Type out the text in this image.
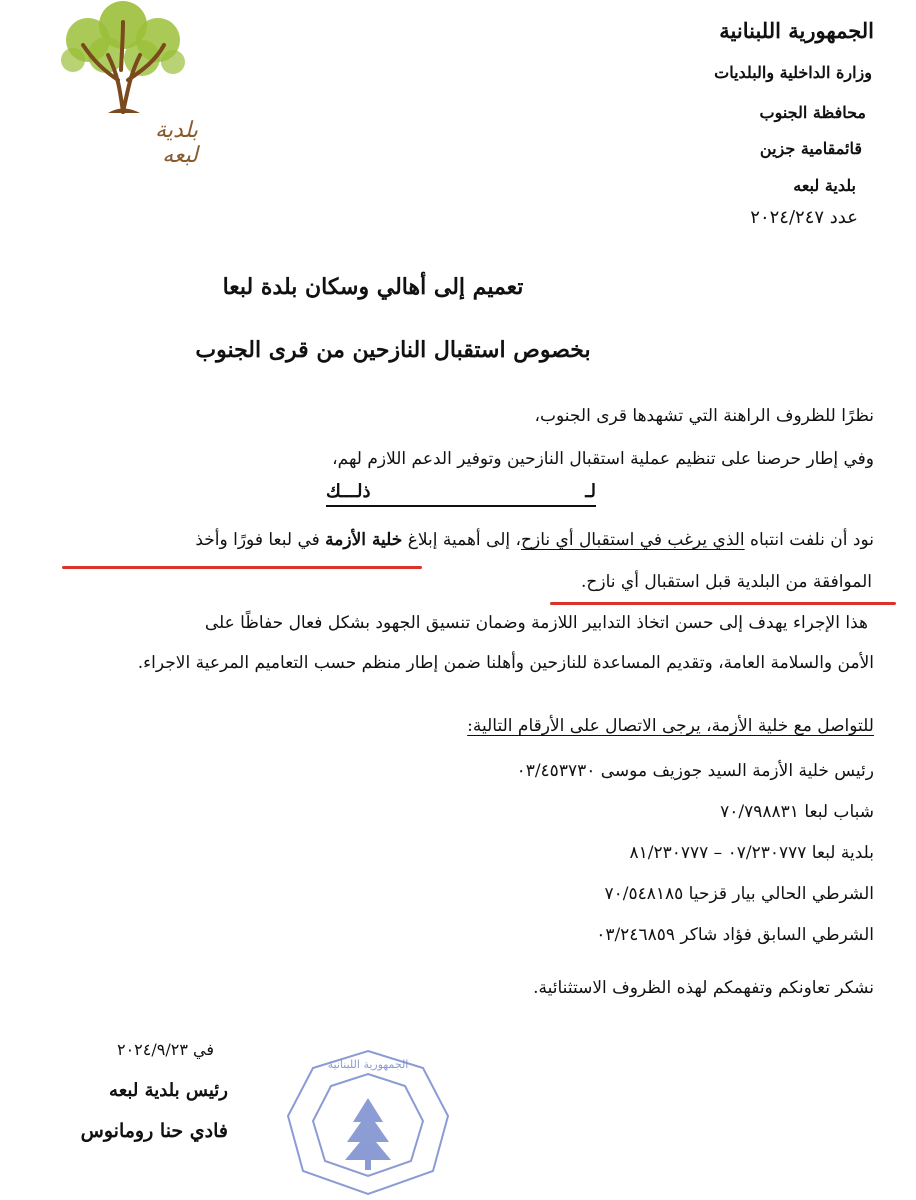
بلدية لبعه
الجمهورية اللبنانية
وزارة الداخلية والبلديات
محافظة الجنوب
قائمقامية جزين
بلدية لبعه
عدد ٢٠٢٤/٢٤٧
تعميم إلى أهالي وسكان بلدة لبعا
بخصوص استقبال النازحين من قرى الجنوب
نظرًا للظروف الراهنة التي تشهدها قرى الجنوب،
وفي إطار حرصنا على تنظيم عملية استقبال النازحين وتوفير الدعم اللازم لهم،
لـ
ذلـــك
نود أن نلفت انتباه الذي يرغب في استقبال أي نازح، إلى أهمية إبلاغ خلية الأزمة في لبعا فورًا وأخذ
الموافقة من البلدية قبل استقبال أي نازح.
هذا الإجراء يهدف إلى حسن اتخاذ التدابير اللازمة وضمان تنسيق الجهود بشكل فعال حفاظًا على
الأمن والسلامة العامة، وتقديم المساعدة للنازحين وأهلنا ضمن إطار منظم حسب التعاميم المرعية الاجراء.
للتواصل مع خلية الأزمة، يرجى الاتصال على الأرقام التالية:
رئيس خلية الأزمة السيد جوزيف موسى ٠٣/٤٥٣٧٣٠
شباب لبعا ٧٠/٧٩٨٨٣١
بلدية لبعا ٠٧/٢٣٠٧٧٧ – ٨١/٢٣٠٧٧٧
الشرطي الحالي بيار قزحيا ٧٠/٥٤٨١٨٥
الشرطي السابق فؤاد شاكر ٠٣/٢٤٦٨٥٩
نشكر تعاونكم وتفهمكم لهذه الظروف الاستثنائية.
في ٢٠٢٤/٩/٢٣
رئيس بلدية لبعه
فادي حنا رومانوس
الجمهورية اللبنانية
